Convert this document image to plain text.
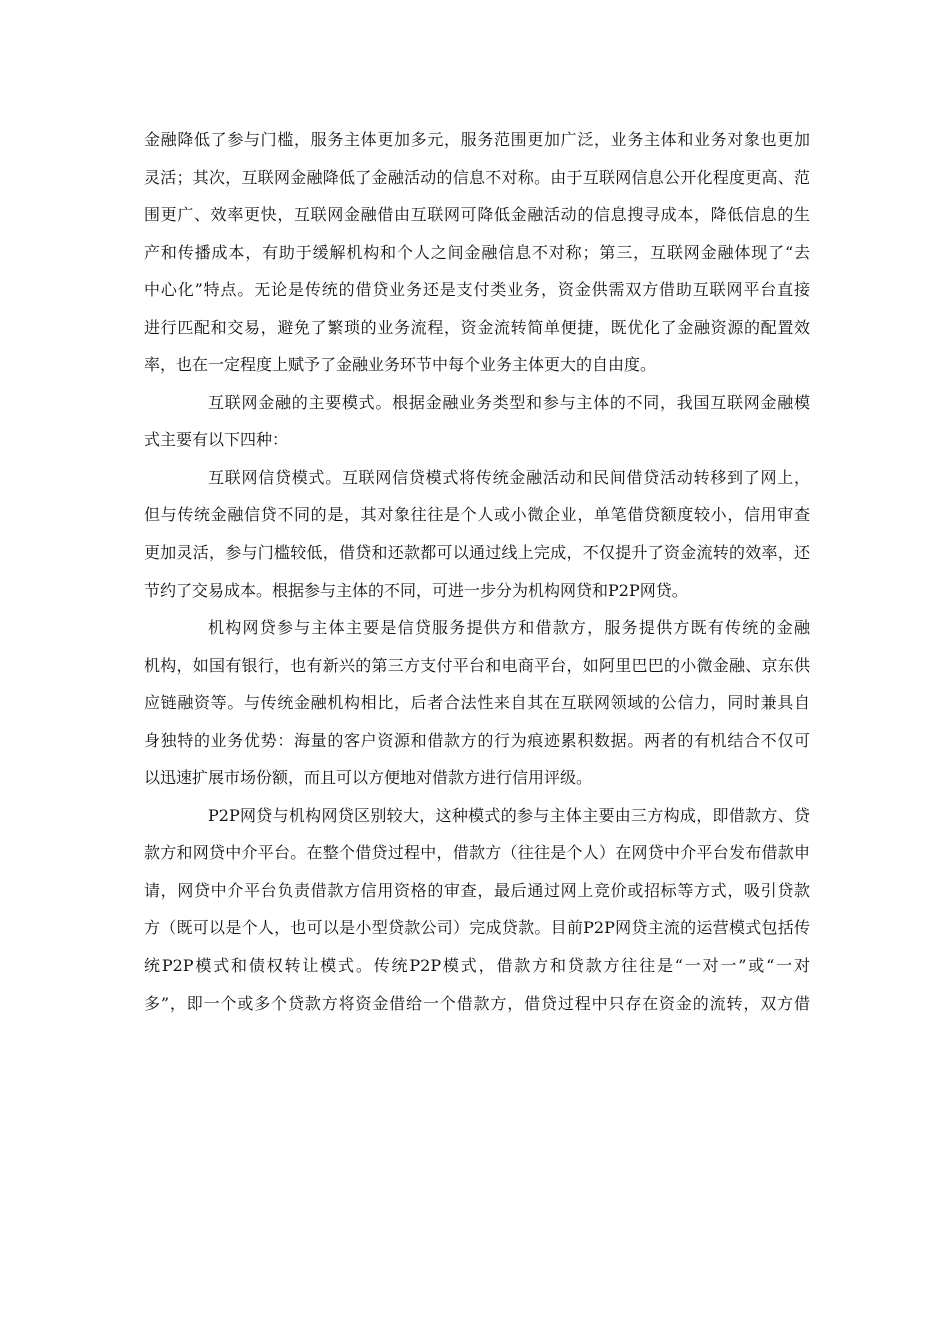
金融降低了参与门槛，服务主体更加多元，服务范围更加广泛，业务主体和业务对象也更加
灵活；其次，互联网金融降低了金融活动的信息不对称。由于互联网信息公开化程度更高、范
围更广、效率更快，互联网金融借由互联网可降低金融活动的信息搜寻成本，降低信息的生
产和传播成本，有助于缓解机构和个人之间金融信息不对称；第三，互联网金融体现了“去
中心化”特点。无论是传统的借贷业务还是支付类业务，资金供需双方借助互联网平台直接
进行匹配和交易，避免了繁琐的业务流程，资金流转简单便捷，既优化了金融资源的配置效
率，也在一定程度上赋予了金融业务环节中每个业务主体更大的自由度。
互联网金融的主要模式。根据金融业务类型和参与主体的不同，我国互联网金融模
式主要有以下四种：
互联网信贷模式。互联网信贷模式将传统金融活动和民间借贷活动转移到了网上，
但与传统金融信贷不同的是，其对象往往是个人或小微企业，单笔借贷额度较小，信用审查
更加灵活，参与门槛较低，借贷和还款都可以通过线上完成，不仅提升了资金流转的效率，还
节约了交易成本。根据参与主体的不同，可进一步分为机构网贷和P2P网贷。
机构网贷参与主体主要是信贷服务提供方和借款方，服务提供方既有传统的金融
机构，如国有银行，也有新兴的第三方支付平台和电商平台，如阿里巴巴的小微金融、京东供
应链融资等。与传统金融机构相比，后者合法性来自其在互联网领域的公信力，同时兼具自
身独特的业务优势：海量的客户资源和借款方的行为痕迹累积数据。两者的有机结合不仅可
以迅速扩展市场份额，而且可以方便地对借款方进行信用评级。
P2P网贷与机构网贷区别较大，这种模式的参与主体主要由三方构成，即借款方、贷
款方和网贷中介平台。在整个借贷过程中，借款方（往往是个人）在网贷中介平台发布借款申
请，网贷中介平台负责借款方信用资格的审查，最后通过网上竞价或招标等方式，吸引贷款
方（既可以是个人，也可以是小型贷款公司）完成贷款。目前P2P网贷主流的运营模式包括传
统P2P模式和债权转让模式。传统P2P模式，借款方和贷款方往往是“一对一”或“一对
多”，即一个或多个贷款方将资金借给一个借款方，借贷过程中只存在资金的流转，双方借
